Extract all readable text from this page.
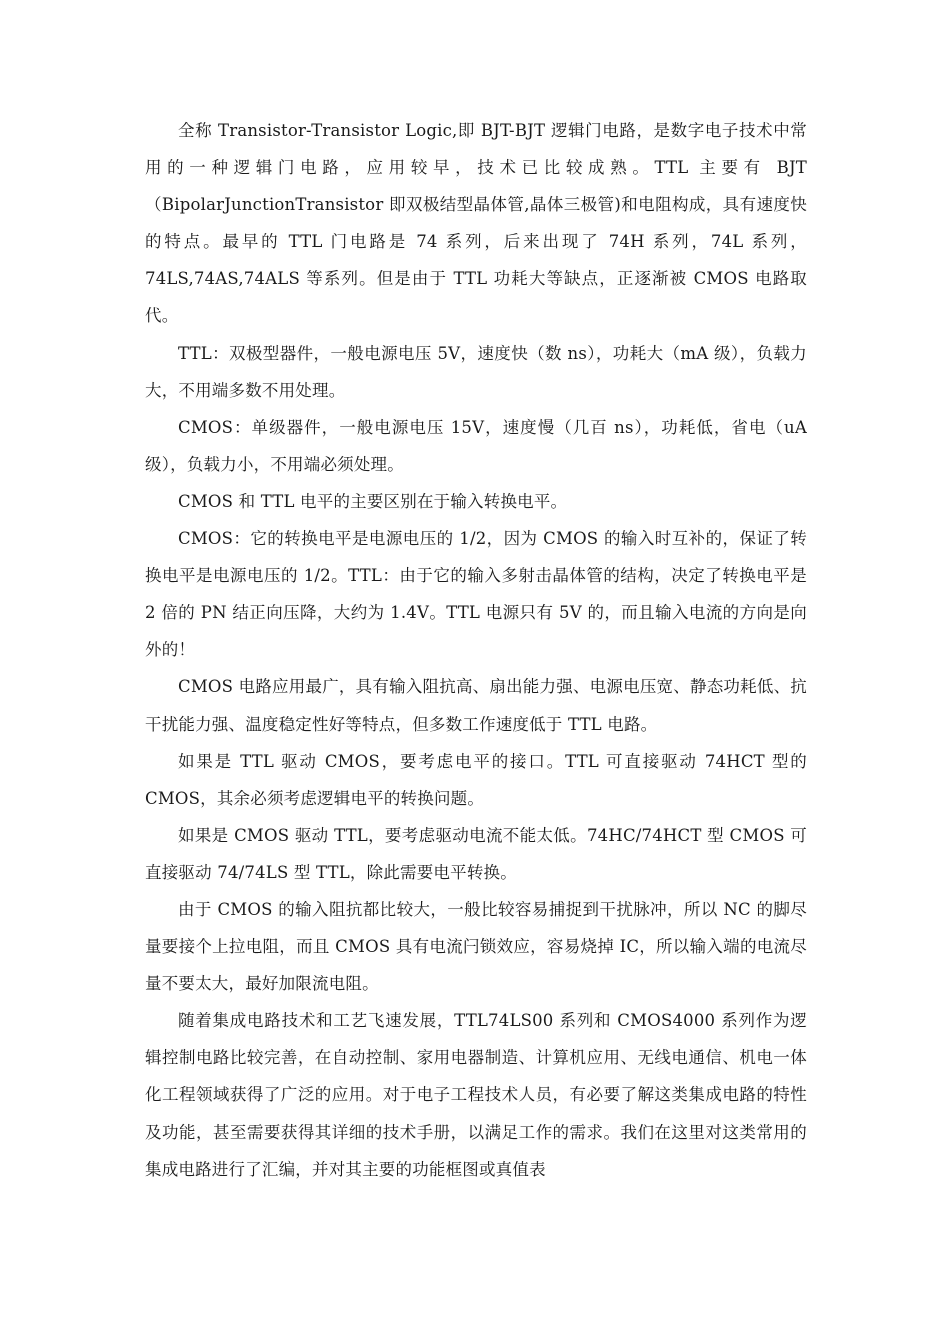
全称 Transistor-Transistor Logic,即 BJT-BJT 逻辑门电路，是数字电子技术中常用的一种逻辑门电路，应用较早，技术已比较成熟。TTL 主要有 BJT（BipolarJunctionTransistor 即双极结型晶体管,晶体三极管)和电阻构成，具有速度快的特点。最早的 TTL 门电路是 74 系列，后来出现了 74H 系列，74L 系列，74LS,74AS,74ALS 等系列。但是由于 TTL 功耗大等缺点，正逐渐被 CMOS 电路取代。

TTL：双极型器件，一般电源电压 5V，速度快（数 ns），功耗大（mA 级），负载力大，不用端多数不用处理。

CMOS：单级器件，一般电源电压 15V，速度慢（几百 ns），功耗低，省电（uA 级），负载力小，不用端必须处理。

CMOS 和 TTL 电平的主要区别在于输入转换电平。

CMOS：它的转换电平是电源电压的 1/2，因为 CMOS 的输入时互补的，保证了转换电平是电源电压的 1/2。TTL：由于它的输入多射击晶体管的结构，决定了转换电平是 2 倍的 PN 结正向压降，大约为 1.4V。TTL 电源只有 5V 的，而且输入电流的方向是向外的！

CMOS 电路应用最广，具有输入阻抗高、扇出能力强、电源电压宽、静态功耗低、抗干扰能力强、温度稳定性好等特点，但多数工作速度低于 TTL 电路。

如果是 TTL 驱动 CMOS，要考虑电平的接口。TTL 可直接驱动 74HCT 型的 CMOS，其余必须考虑逻辑电平的转换问题。

如果是 CMOS 驱动 TTL，要考虑驱动电流不能太低。74HC/74HCT 型 CMOS 可直接驱动 74/74LS 型 TTL，除此需要电平转换。

由于 CMOS 的输入阻抗都比较大，一般比较容易捕捉到干扰脉冲，所以 NC 的脚尽量要接个上拉电阻，而且 CMOS 具有电流闩锁效应，容易烧掉 IC，所以输入端的电流尽量不要太大，最好加限流电阻。

随着集成电路技术和工艺飞速发展，TTL74LS00 系列和 CMOS4000 系列作为逻辑控制电路比较完善，在自动控制、家用电器制造、计算机应用、无线电通信、机电一体化工程领域获得了广泛的应用。对于电子工程技术人员，有必要了解这类集成电路的特性及功能，甚至需要获得其详细的技术手册，以满足工作的需求。我们在这里对这类常用的集成电路进行了汇编，并对其主要的功能框图或真值表
